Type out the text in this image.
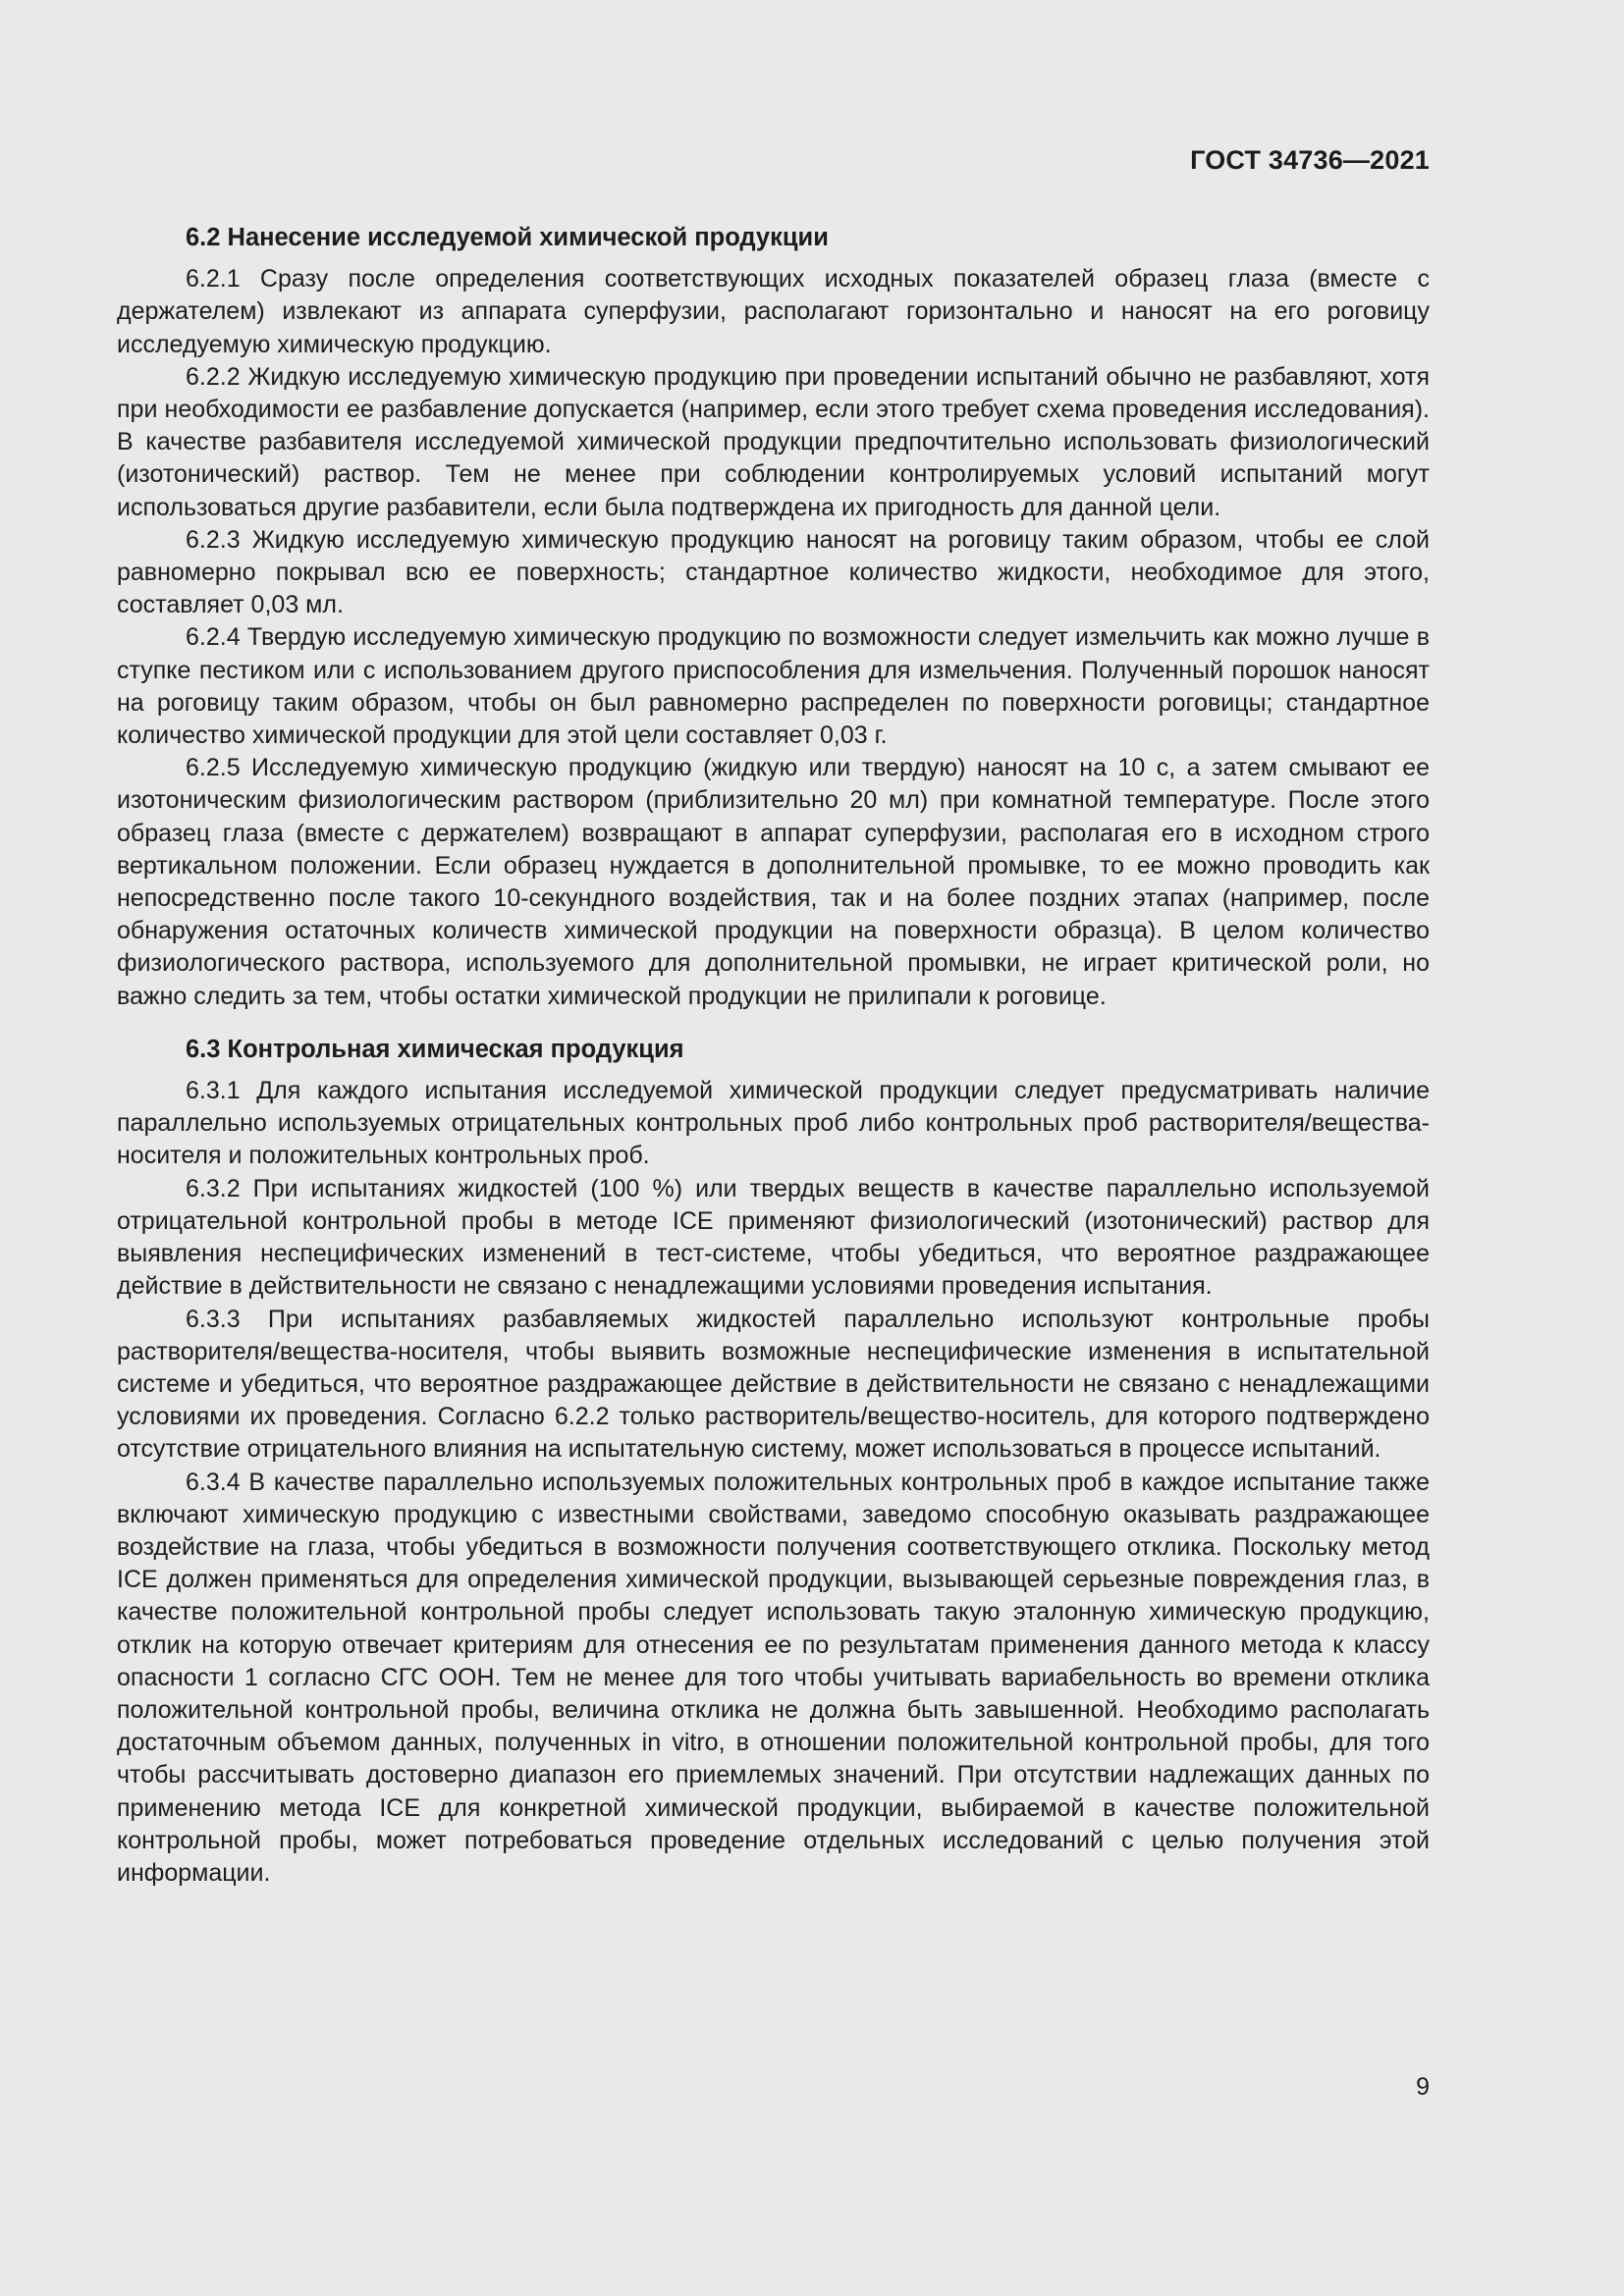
ГОСТ 34736—2021

6.2 Нанесение исследуемой химической продукции

6.2.1 Сразу после определения соответствующих исходных показателей образец глаза (вместе с держателем) извлекают из аппарата суперфузии, располагают горизонтально и наносят на его роговицу исследуемую химическую продукцию.

6.2.2 Жидкую исследуемую химическую продукцию при проведении испытаний обычно не разбавляют, хотя при необходимости ее разбавление допускается (например, если этого требует схема проведения исследования). В качестве разбавителя исследуемой химической продукции предпочтительно использовать физиологический (изотонический) раствор. Тем не менее при соблюдении контролируемых условий испытаний могут использоваться другие разбавители, если была подтверждена их пригодность для данной цели.

6.2.3 Жидкую исследуемую химическую продукцию наносят на роговицу таким образом, чтобы ее слой равномерно покрывал всю ее поверхность; стандартное количество жидкости, необходимое для этого, составляет 0,03 мл.

6.2.4 Твердую исследуемую химическую продукцию по возможности следует измельчить как можно лучше в ступке пестиком или с использованием другого приспособления для измельчения. Полученный порошок наносят на роговицу таким образом, чтобы он был равномерно распределен по поверхности роговицы; стандартное количество химической продукции для этой цели составляет 0,03 г.

6.2.5 Исследуемую химическую продукцию (жидкую или твердую) наносят на 10 с, а затем смывают ее изотоническим физиологическим раствором (приблизительно 20 мл) при комнатной температуре. После этого образец глаза (вместе с держателем) возвращают в аппарат суперфузии, располагая его в исходном строго вертикальном положении. Если образец нуждается в дополнительной промывке, то ее можно проводить как непосредственно после такого 10-секундного воздействия, так и на более поздних этапах (например, после обнаружения остаточных количеств химической продукции на поверхности образца). В целом количество физиологического раствора, используемого для дополнительной промывки, не играет критической роли, но важно следить за тем, чтобы остатки химической продукции не прилипали к роговице.

6.3 Контрольная химическая продукция

6.3.1 Для каждого испытания исследуемой химической продукции следует предусматривать наличие параллельно используемых отрицательных контрольных проб либо контрольных проб растворителя/вещества-носителя и положительных контрольных проб.

6.3.2 При испытаниях жидкостей (100 %) или твердых веществ в качестве параллельно используемой отрицательной контрольной пробы в методе ICE применяют физиологический (изотонический) раствор для выявления неспецифических изменений в тест-системе, чтобы убедиться, что вероятное раздражающее действие в действительности не связано с ненадлежащими условиями проведения испытания.

6.3.3 При испытаниях разбавляемых жидкостей параллельно используют контрольные пробы растворителя/вещества-носителя, чтобы выявить возможные неспецифические изменения в испытательной системе и убедиться, что вероятное раздражающее действие в действительности не связано с ненадлежащими условиями их проведения. Согласно 6.2.2 только растворитель/вещество-носитель, для которого подтверждено отсутствие отрицательного влияния на испытательную систему, может использоваться в процессе испытаний.

6.3.4 В качестве параллельно используемых положительных контрольных проб в каждое испытание также включают химическую продукцию с известными свойствами, заведомо способную оказывать раздражающее воздействие на глаза, чтобы убедиться в возможности получения соответствующего отклика. Поскольку метод ICE должен применяться для определения химической продукции, вызывающей серьезные повреждения глаз, в качестве положительной контрольной пробы следует использовать такую эталонную химическую продукцию, отклик на которую отвечает критериям для отнесения ее по результатам применения данного метода к классу опасности 1 согласно СГС ООН. Тем не менее для того чтобы учитывать вариабельность во времени отклика положительной контрольной пробы, величина отклика не должна быть завышенной. Необходимо располагать достаточным объемом данных, полученных in vitro, в отношении положительной контрольной пробы, для того чтобы рассчитывать достоверно диапазон его приемлемых значений. При отсутствии надлежащих данных по применению метода ICE для конкретной химической продукции, выбираемой в качестве положительной контрольной пробы, может потребоваться проведение отдельных исследований с целью получения этой информации.

9
